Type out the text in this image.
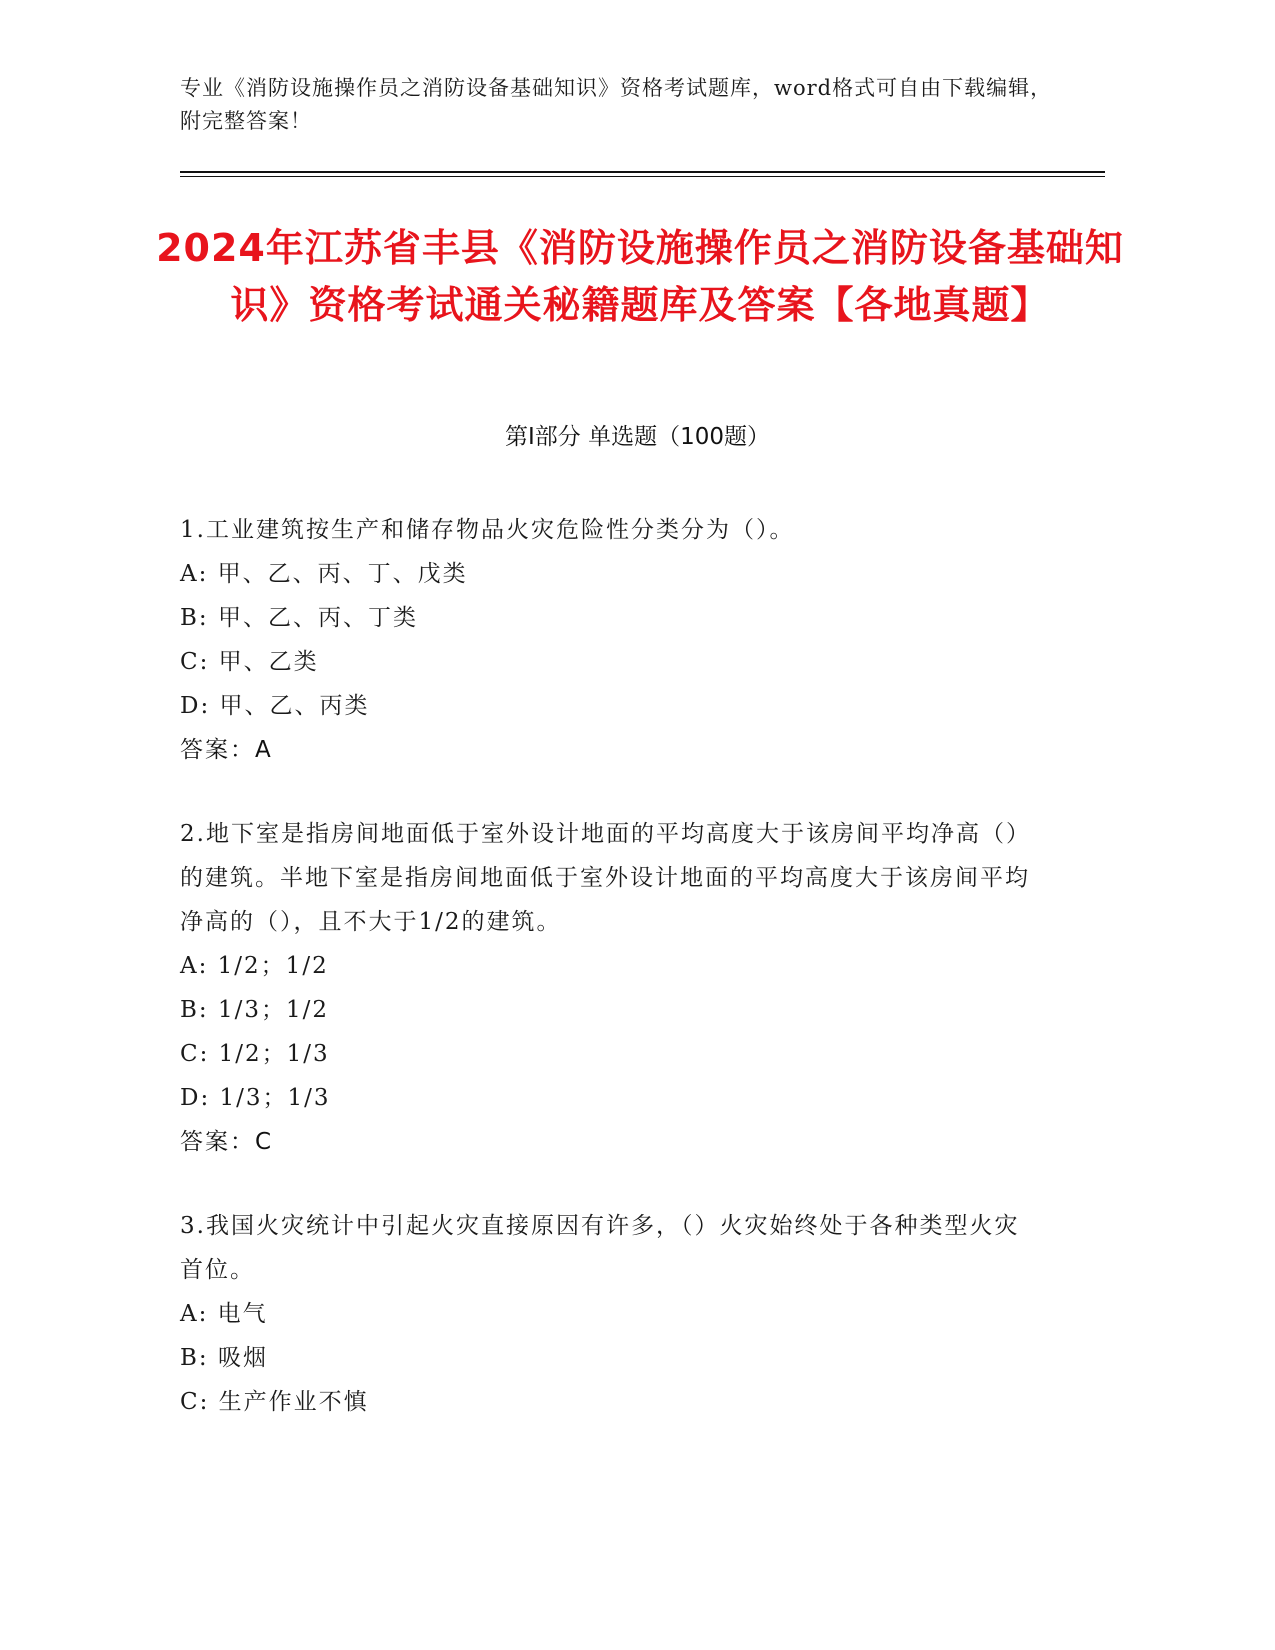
专业《消防设施操作员之消防设备基础知识》资格考试题库，word格式可自由下载编辑，附完整答案！
2024年江苏省丰县《消防设施操作员之消防设备基础知识》资格考试通关秘籍题库及答案【各地真题】
第Ⅰ部分 单选题（100题）
1.工业建筑按生产和储存物品火灾危险性分类分为（）。
A: 甲、乙、丙、丁、戊类
B: 甲、乙、丙、丁类
C: 甲、乙类
D: 甲、乙、丙类
答案：A
2.地下室是指房间地面低于室外设计地面的平均高度大于该房间平均净高（）的建筑。半地下室是指房间地面低于室外设计地面的平均高度大于该房间平均净高的（），且不大于1/2的建筑。
A: 1/2；1/2
B: 1/3；1/2
C: 1/2；1/3
D: 1/3；1/3
答案：C
3.我国火灾统计中引起火灾直接原因有许多，（）火灾始终处于各种类型火灾首位。
A: 电气
B: 吸烟
C: 生产作业不慎
